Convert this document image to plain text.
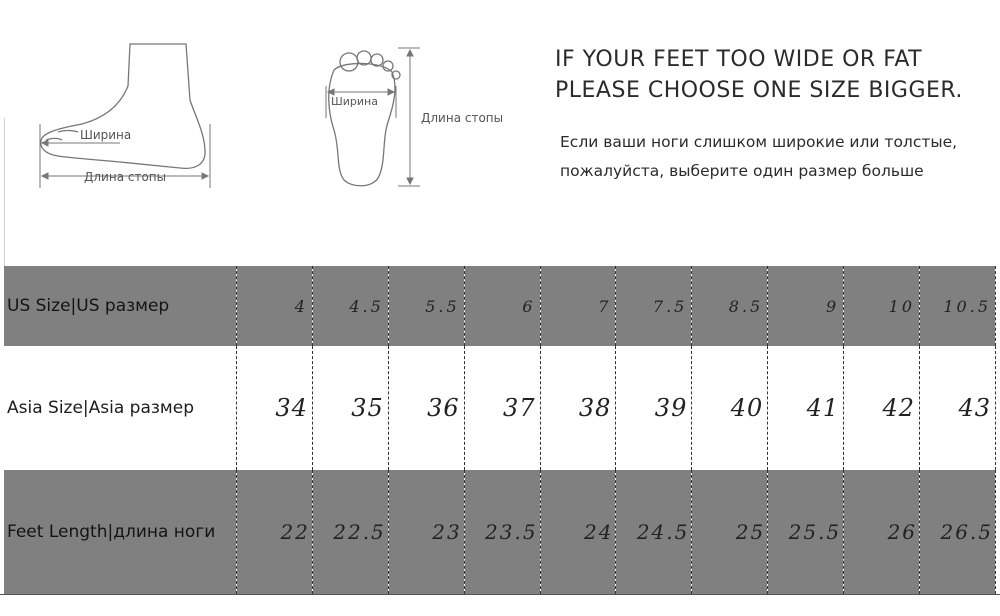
Ширина
Длина стопы
Ширина
Длина стопы
IF YOUR FEET TOO WIDE OR FAT
PLEASE CHOOSE ONE SIZE BIGGER.
Если ваши ноги слишком широкие или толстые,
пожалуйста, выберите один размер больше
US Size|US размер	4	4.5	5.5	6	7	7.5	8.5	9	10	10.5
Asia Size|Asia размер	34	35	36	37	38	39	40	41	42	43
Feet Length|длина ноги	22	22.5	23	23.5	24	24.5	25	25.5	26	26.5
